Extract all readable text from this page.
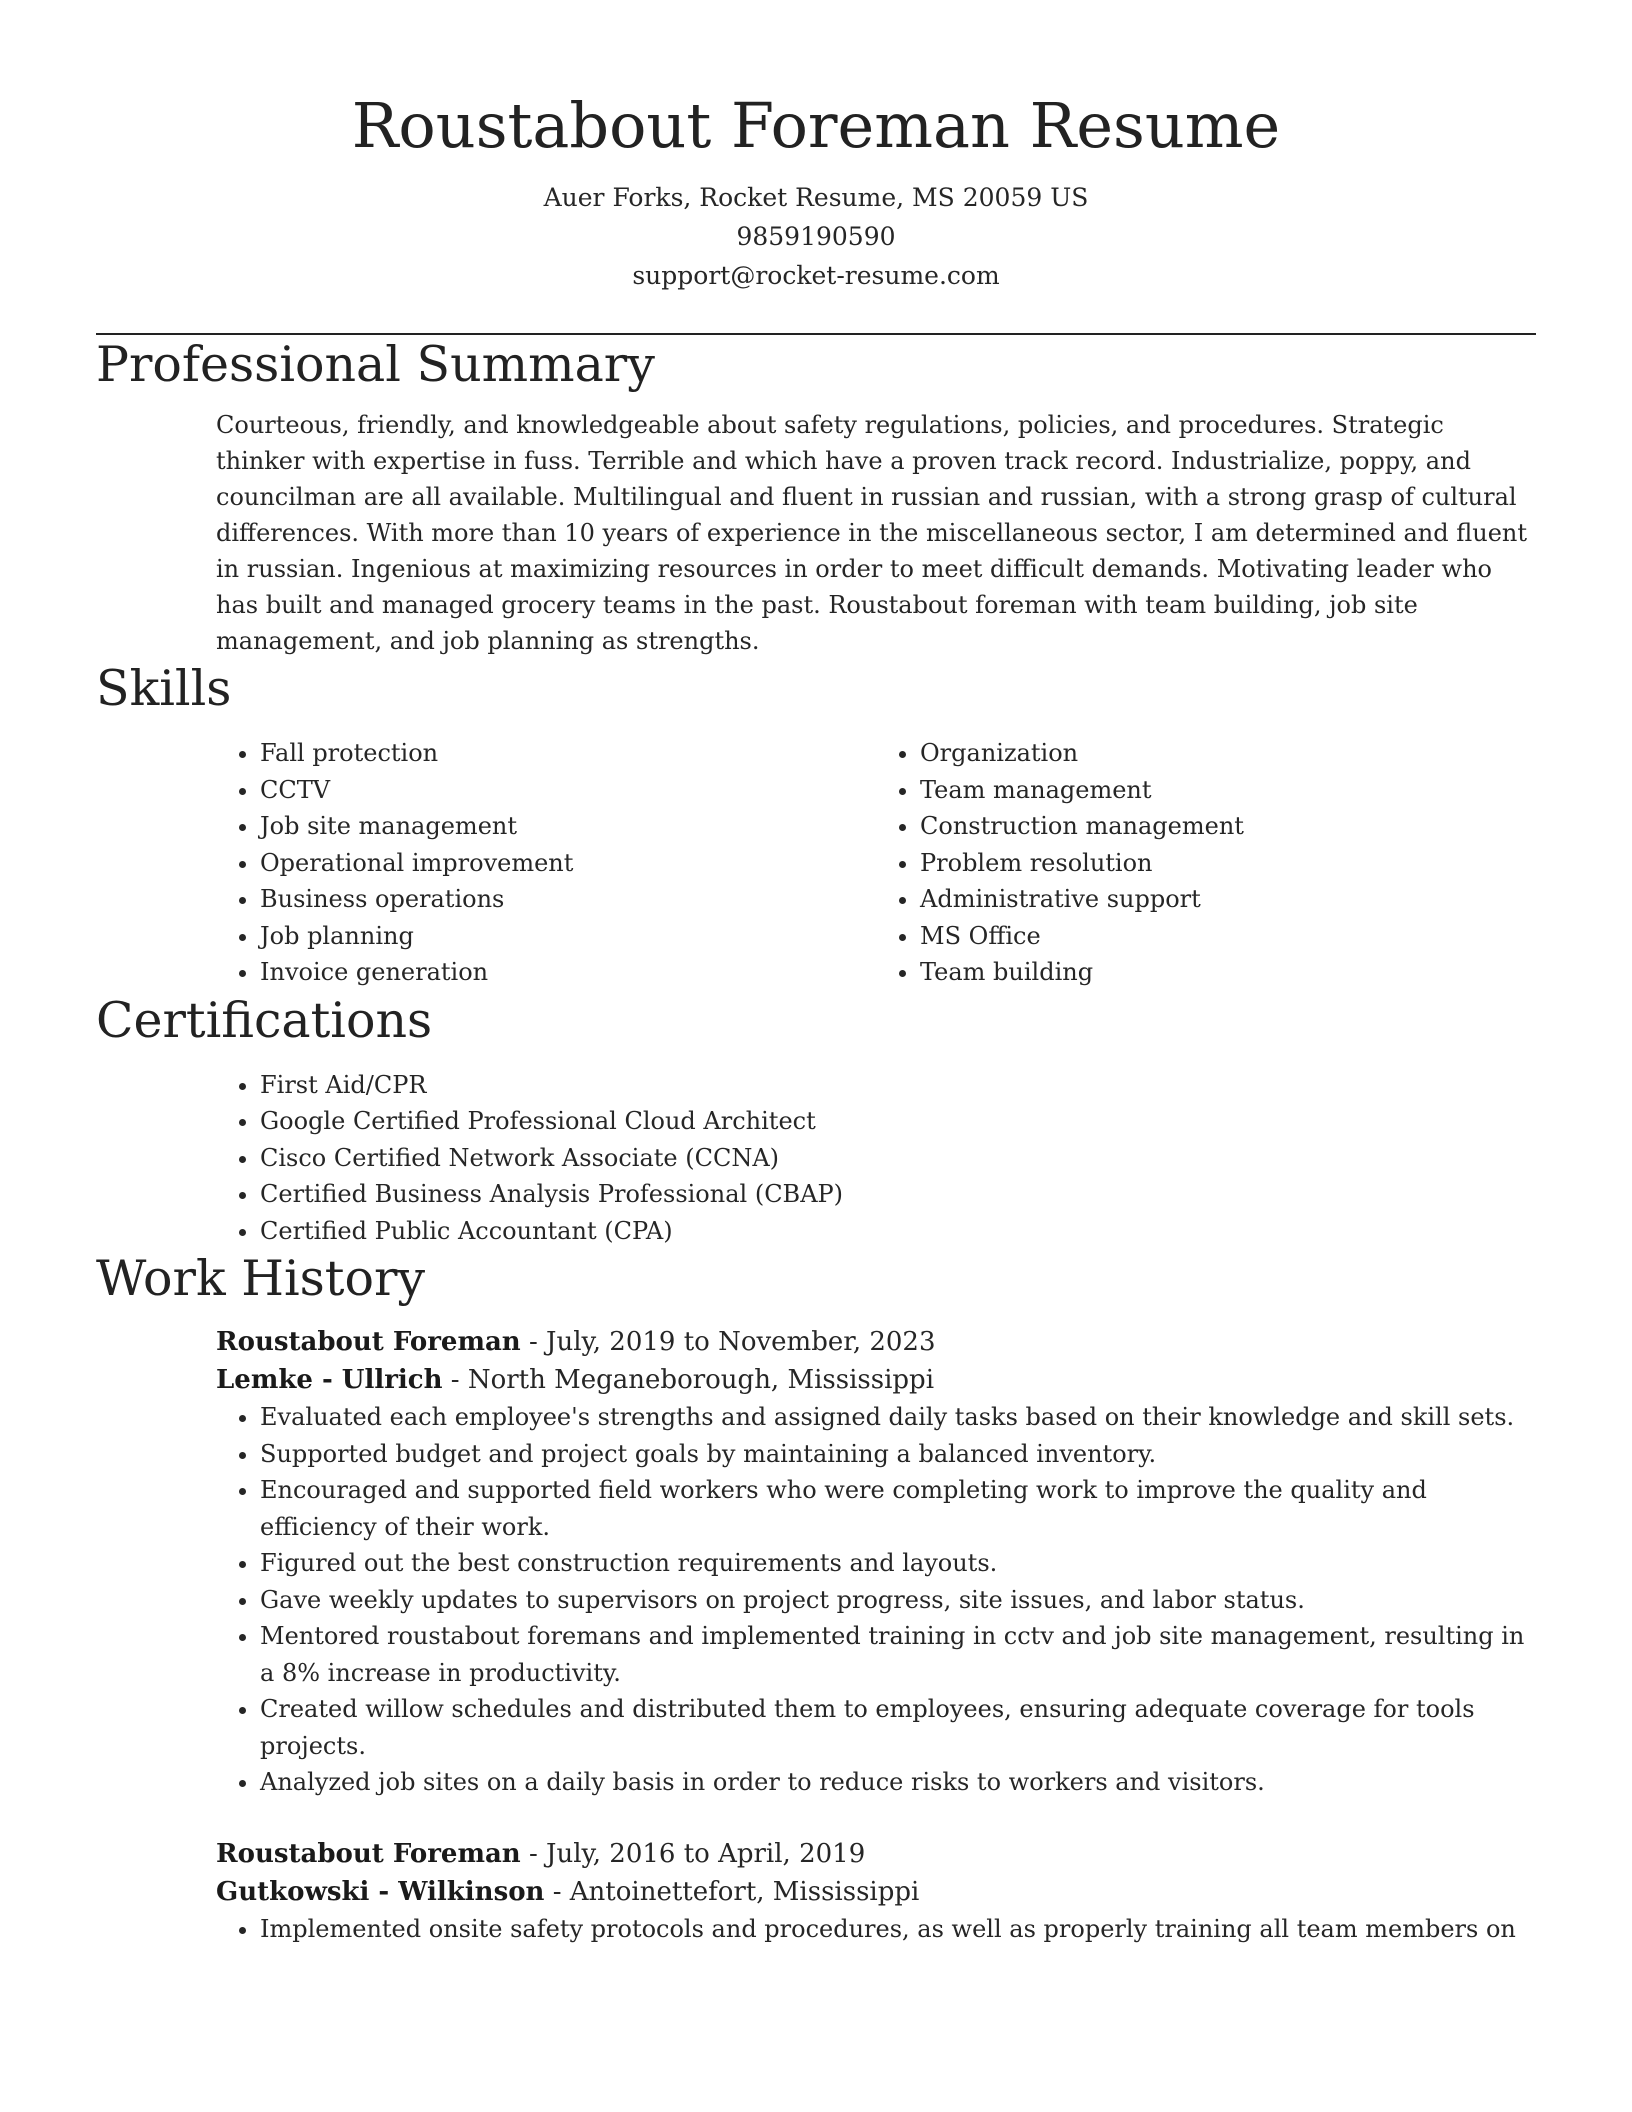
Roustabout Foreman Resume
Auer Forks, Rocket Resume, MS 20059 US
9859190590
support@rocket-resume.com
Professional Summary

Courteous, friendly, and knowledgeable about safety regulations, policies, and procedures. Strategic thinker with expertise in fuss. Terrible and which have a proven track record. Industrialize, poppy, and councilman are all available. Multilingual and fluent in russian and russian, with a strong grasp of cultural differences. With more than 10 years of experience in the miscellaneous sector, I am determined and fluent in russian. Ingenious at maximizing resources in order to meet difficult demands. Motivating leader who has built and managed grocery teams in the past. Roustabout foreman with team building, job site management, and job planning as strengths.

Skills
• Fall protection
• CCTV
• Job site management
• Operational improvement
• Business operations
• Job planning
• Invoice generation
• Organization
• Team management
• Construction management
• Problem resolution
• Administrative support
• MS Office
• Team building
Certifications
• First Aid/CPR
• Google Certified Professional Cloud Architect
• Cisco Certified Network Associate (CCNA)
• Certified Business Analysis Professional (CBAP)
• Certified Public Accountant (CPA)
Work History
Roustabout Foreman - July, 2019 to November, 2023
Lemke - Ullrich - North Meganeborough, Mississippi
• Evaluated each employee's strengths and assigned daily tasks based on their knowledge and skill sets.
• Supported budget and project goals by maintaining a balanced inventory.
• Encouraged and supported field workers who were completing work to improve the quality and efficiency of their work.
• Figured out the best construction requirements and layouts.
• Gave weekly updates to supervisors on project progress, site issues, and labor status.
• Mentored roustabout foremans and implemented training in cctv and job site management, resulting in a 8% increase in productivity.
• Created willow schedules and distributed them to employees, ensuring adequate coverage for tools projects.
• Analyzed job sites on a daily basis in order to reduce risks to workers and visitors.
Roustabout Foreman - July, 2016 to April, 2019
Gutkowski - Wilkinson - Antoinettefort, Mississippi
• Implemented onsite safety protocols and procedures, as well as properly training all team members on
